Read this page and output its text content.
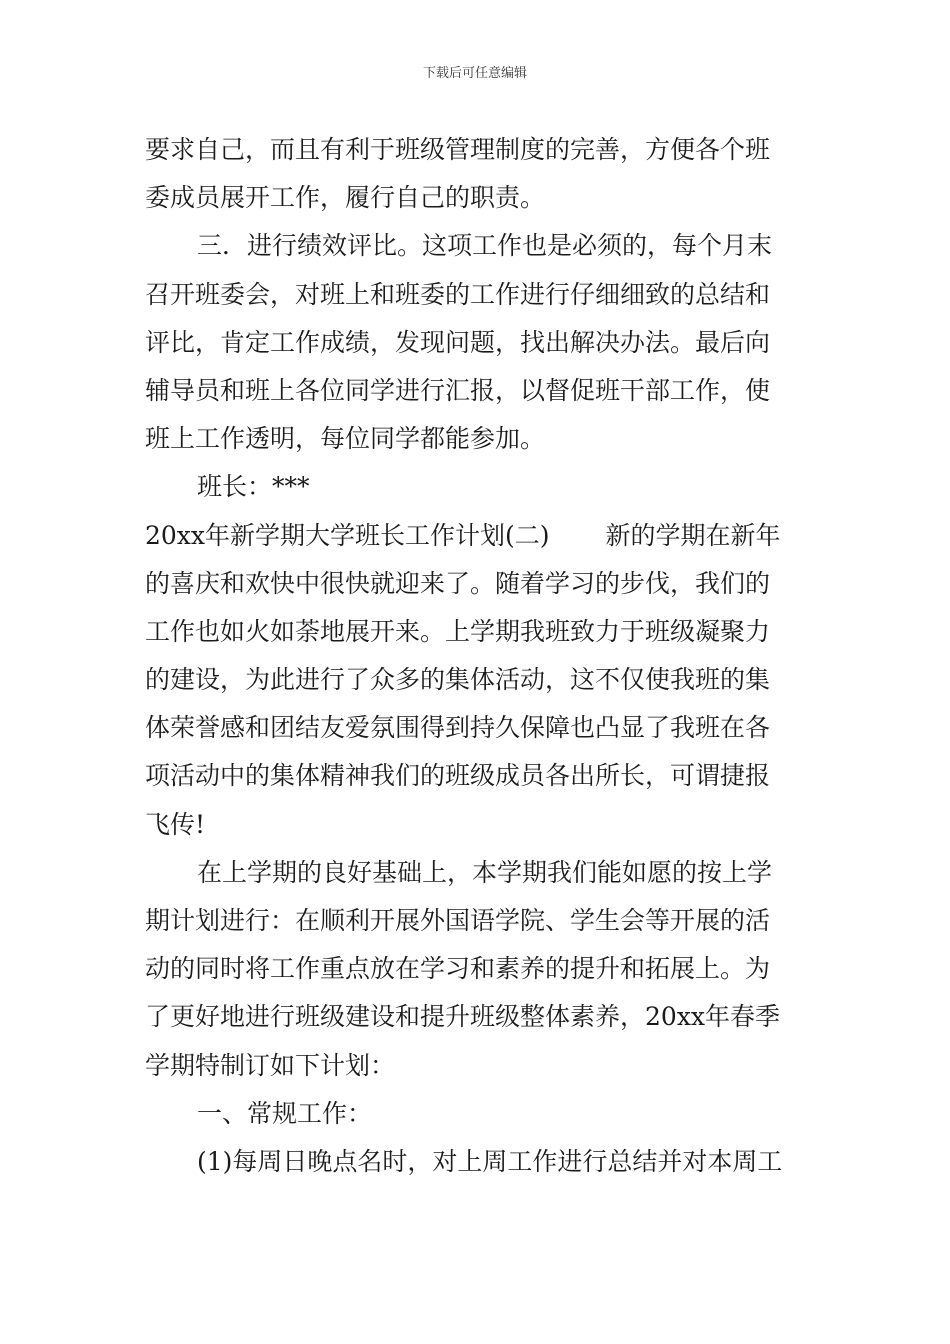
下载后可任意编辑
要求自己，而且有利于班级管理制度的完善，方便各个班
委成员展开工作，履行自己的职责。
三．进行绩效评比。这项工作也是必须的，每个月末
召开班委会，对班上和班委的工作进行仔细细致的总结和
评比，肯定工作成绩，发现问题，找出解决办法。最后向
辅导员和班上各位同学进行汇报，以督促班干部工作，使
班上工作透明，每位同学都能参加。
班长：***
20xx年新学期大学班长工作计划(二) 新的学期在新年
的喜庆和欢快中很快就迎来了。随着学习的步伐，我们的
工作也如火如荼地展开来。上学期我班致力于班级凝聚力
的建设，为此进行了众多的集体活动，这不仅使我班的集
体荣誉感和团结友爱氛围得到持久保障也凸显了我班在各
项活动中的集体精神我们的班级成员各出所长，可谓捷报
飞传!
在上学期的良好基础上，本学期我们能如愿的按上学
期计划进行：在顺利开展外国语学院、学生会等开展的活
动的同时将工作重点放在学习和素养的提升和拓展上。为
了更好地进行班级建设和提升班级整体素养，20xx年春季
学期特制订如下计划：
一、常规工作：
(1)每周日晚点名时，对上周工作进行总结并对本周工
